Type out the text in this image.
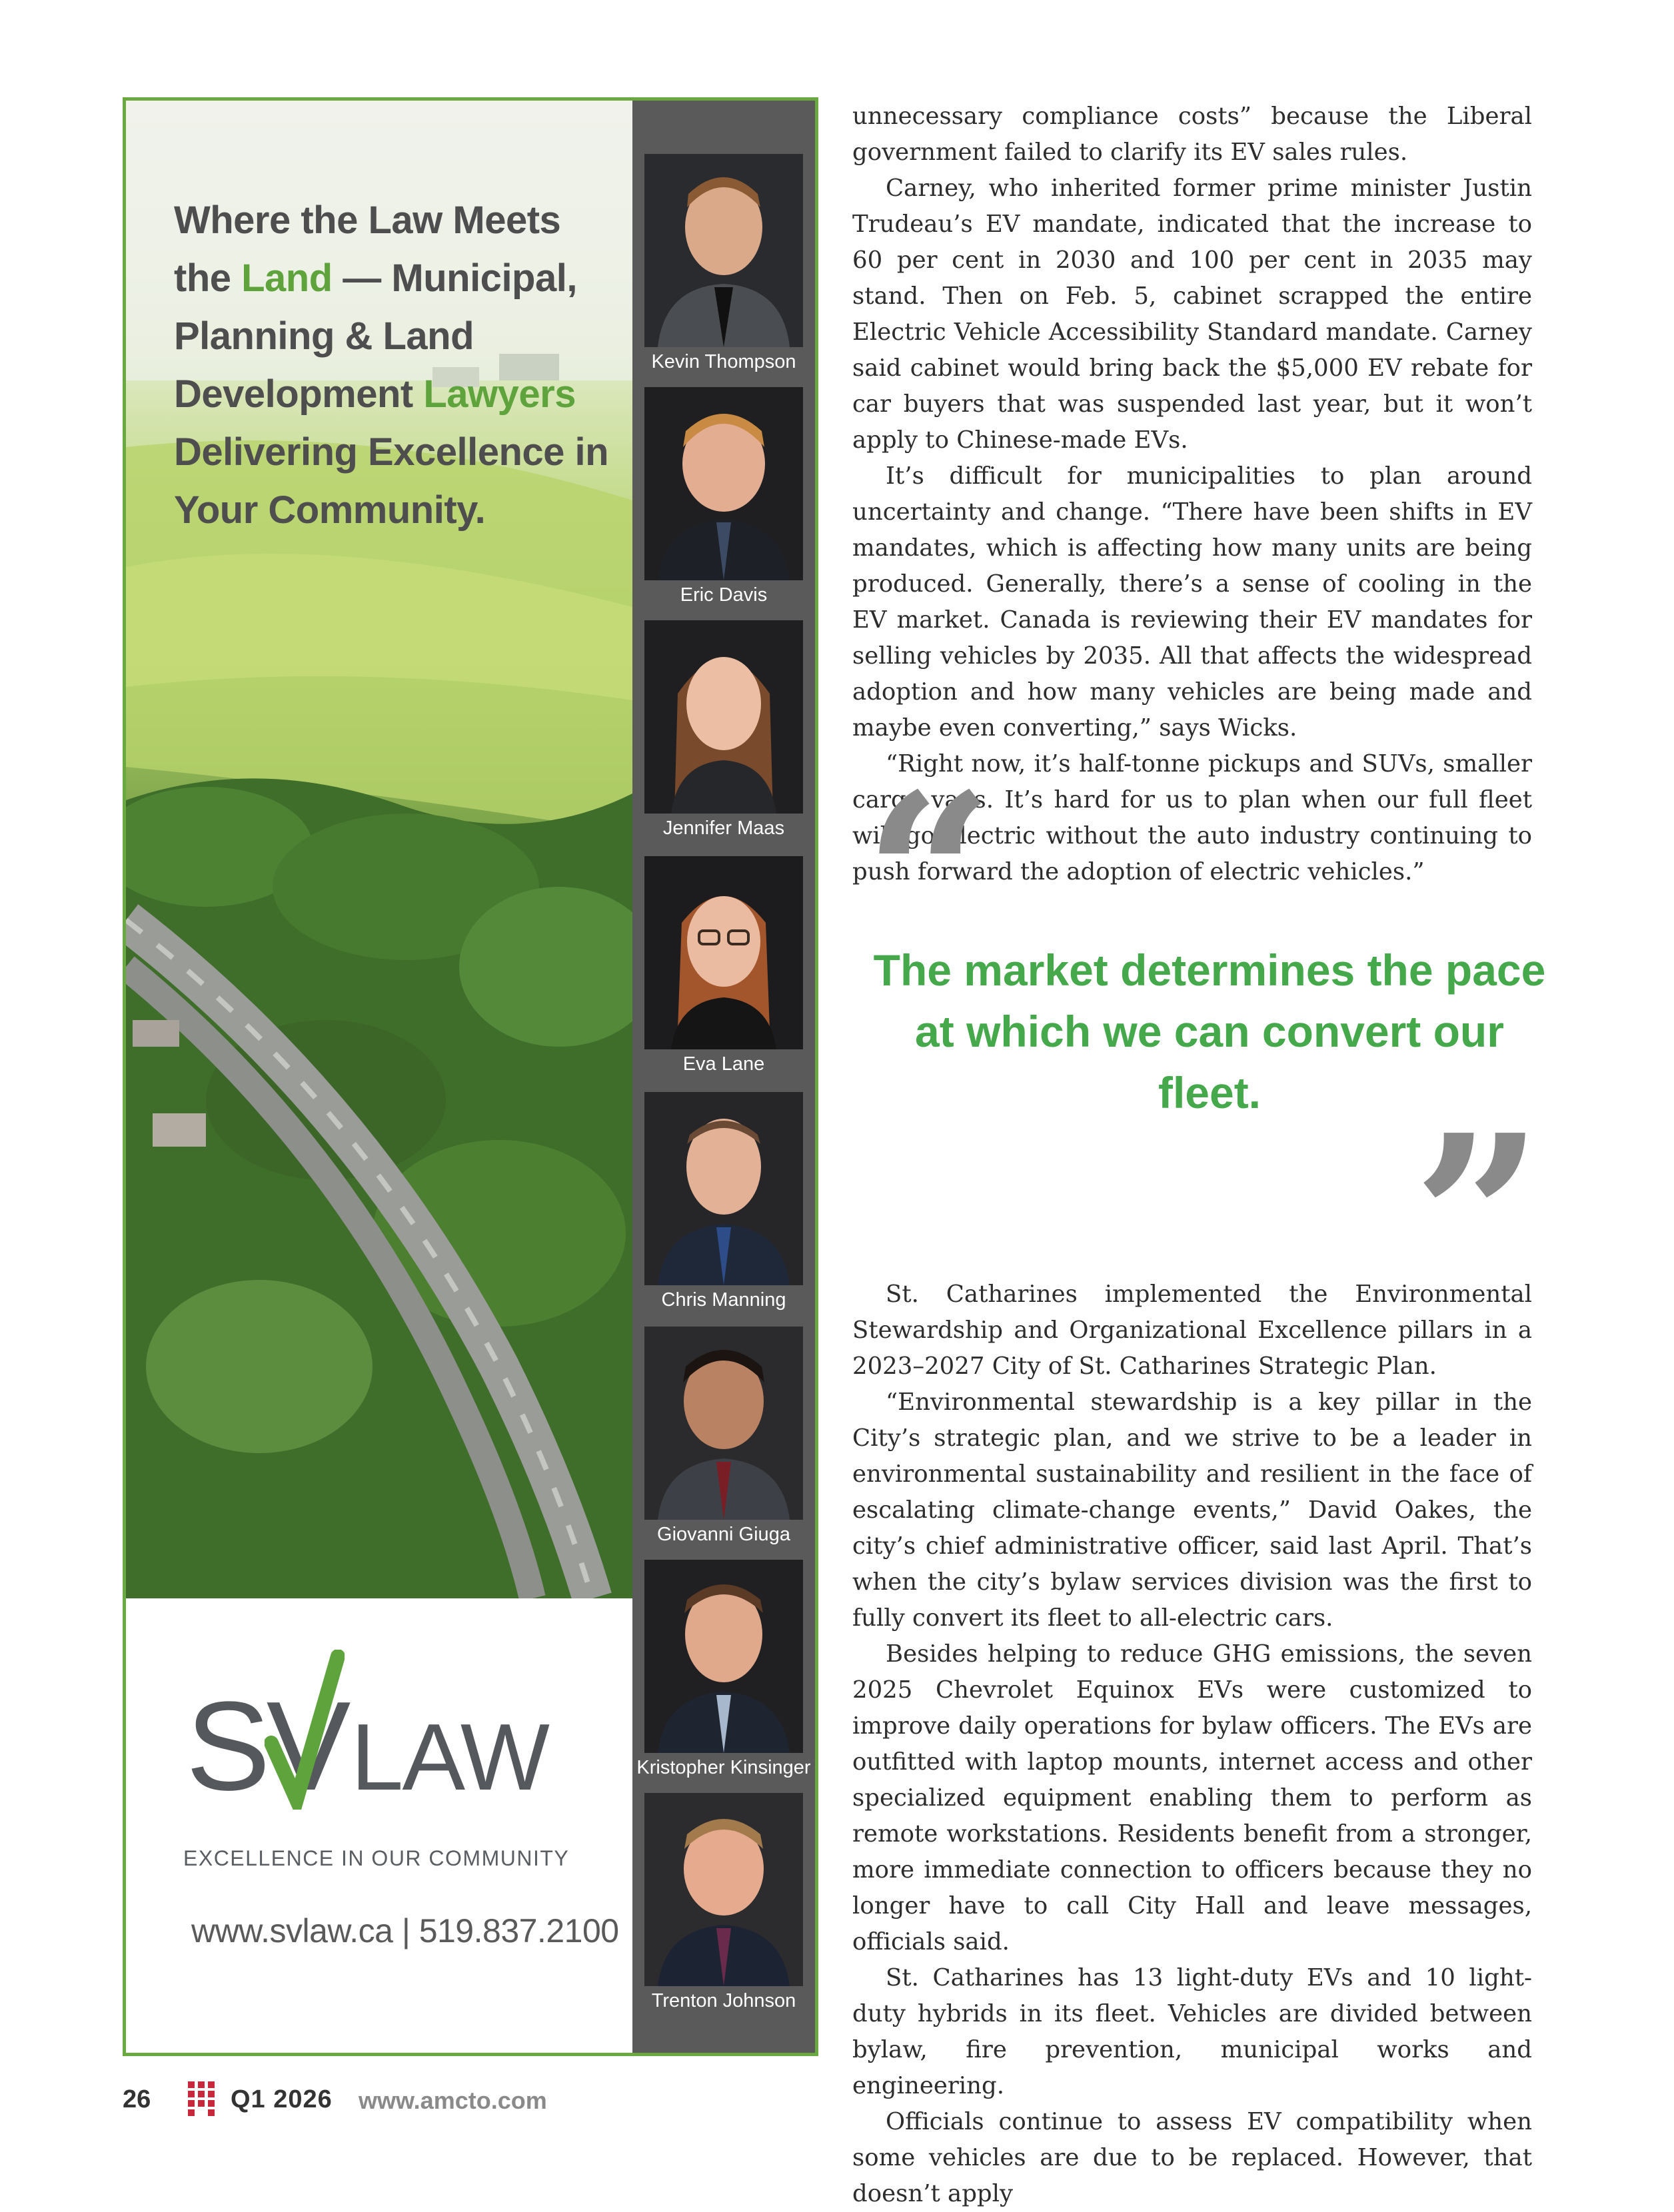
Where the Law Meets the Land — Municipal, Planning & Land Development Lawyers Delivering Excellence in Your Community.

SVLAW
EXCELLENCE IN OUR COMMUNITY
www.svlaw.ca | 519.837.2100
Kevin Thompson
Eric Davis
Jennifer Maas
Eva Lane
Chris Manning
Giovanni Giuga
Kristopher Kinsinger
Trenton Johnson

unnecessary compliance costs” because the Liberal government failed to clarify its EV sales rules.

Carney, who inherited former prime minister Justin Trudeau’s EV mandate, indicated that the increase to 60 per cent in 2030 and 100 per cent in 2035 may stand. Then on Feb. 5, cabinet scrapped the entire Electric Vehicle Accessibility Standard mandate. Carney said cabinet would bring back the $5,000 EV rebate for car buyers that was suspended last year, but it won’t apply to Chinese-made EVs.

It’s difficult for municipalities to plan around uncertainty and change. “There have been shifts in EV mandates, which is affecting how many units are being produced. Generally, there’s a sense of cooling in the EV market. Canada is reviewing their EV mandates for selling vehicles by 2035. All that affects the widespread adoption and how many vehicles are being made and maybe even converting,” says Wicks.

“Right now, it’s half-tonne pickups and SUVs, smaller cargo vans. It’s hard for us to plan when our full fleet will go electric without the auto industry continuing to push forward the adoption of electric vehicles.”

“

The market determines the pace at which we can convert our fleet. ”

St. Catharines implemented the Environmental Stewardship and Organizational Excellence pillars in a 2023–2027 City of St. Catharines Strategic Plan.

“Environmental stewardship is a key pillar in the City’s strategic plan, and we strive to be a leader in environmental sustainability and resilient in the face of escalating climate-change events,” David Oakes, the city’s chief administrative officer, said last April. That’s when the city’s bylaw services division was the first to fully convert its fleet to all-electric cars.

Besides helping to reduce GHG emissions, the seven 2025 Chevrolet Equinox EVs were customized to improve daily operations for bylaw officers. The EVs are outfitted with laptop mounts, internet access and other specialized equipment enabling them to perform as remote workstations. Residents benefit from a stronger, more immediate connection to officers because they no longer have to call City Hall and leave messages, officials said.

St. Catharines has 13 light-duty EVs and 10 light-duty hybrids in its fleet. Vehicles are divided between bylaw, fire prevention, municipal works and engineering.

Officials continue to assess EV compatibility when some vehicles are due to be replaced. However, that doesn’t apply

26	Q1 2026 www.amcto.com
